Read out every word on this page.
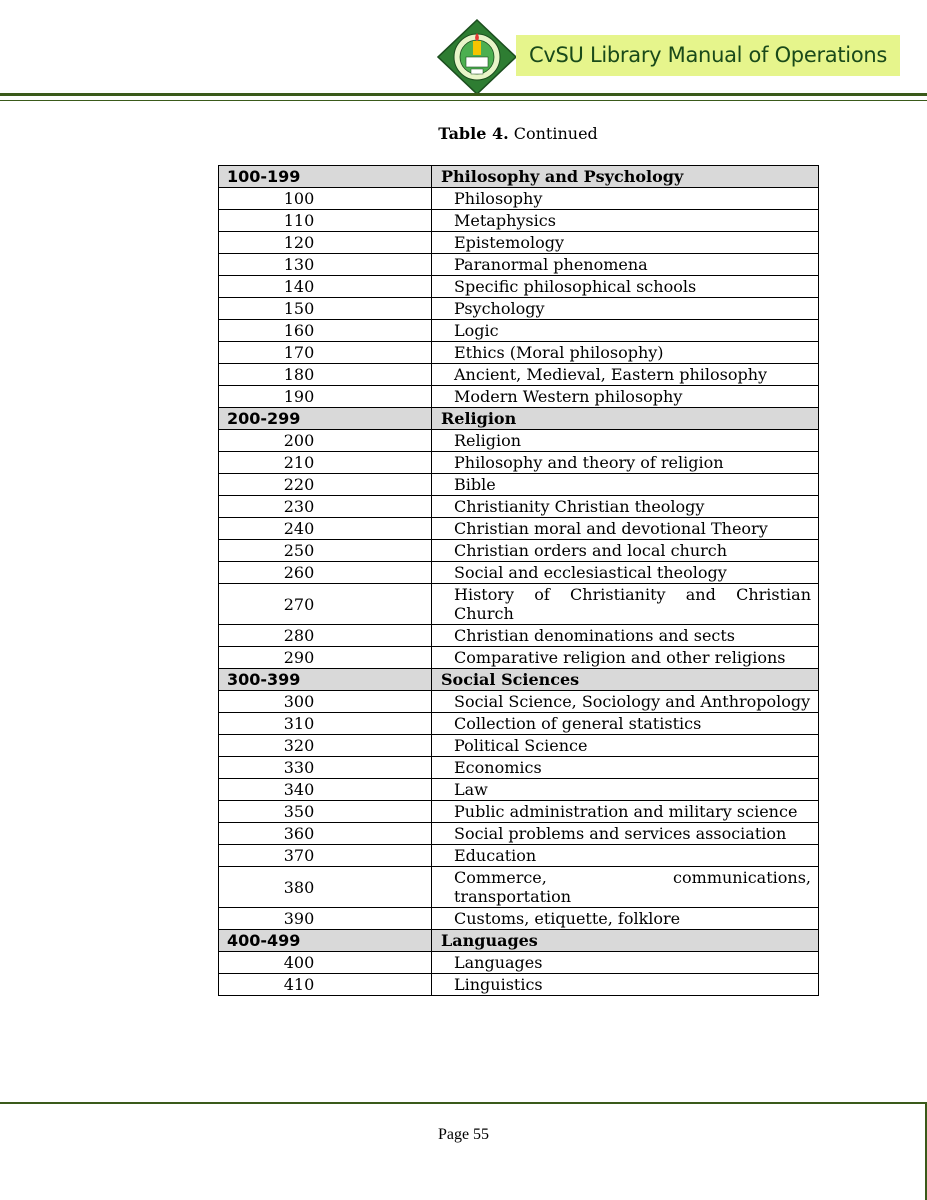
CvSU Library Manual of Operations
Table 4. Continued
100-199	Philosophy and Psychology

100	Philosophy

110	Metaphysics

120	Epistemology

130	Paranormal phenomena

140	Specific philosophical schools

150	Psychology

160	Logic

170	Ethics (Moral philosophy)

180	Ancient, Medieval, Eastern philosophy

190	Modern Western philosophy
200-299	Religion

200	Religion

210	Philosophy and theory of religion

220	Bible

230	Christianity Christian theology

240	Christian moral and devotional Theory

250	Christian orders and local church

260	Social and ecclesiastical theology

270	History of Christianity and Christian Church

280	Christian denominations and sects

290	Comparative religion and other religions
300-399	Social Sciences

300	Social Science, Sociology and Anthropology

310	Collection of general statistics

320	Political Science

330	Economics

340	Law

350	Public administration and military science

360	Social problems and services association

370	Education

380	Commerce, communications, transportation

390	Customs, etiquette, folklore
400-499	Languages

400	Languages

410	Linguistics
Page 55
